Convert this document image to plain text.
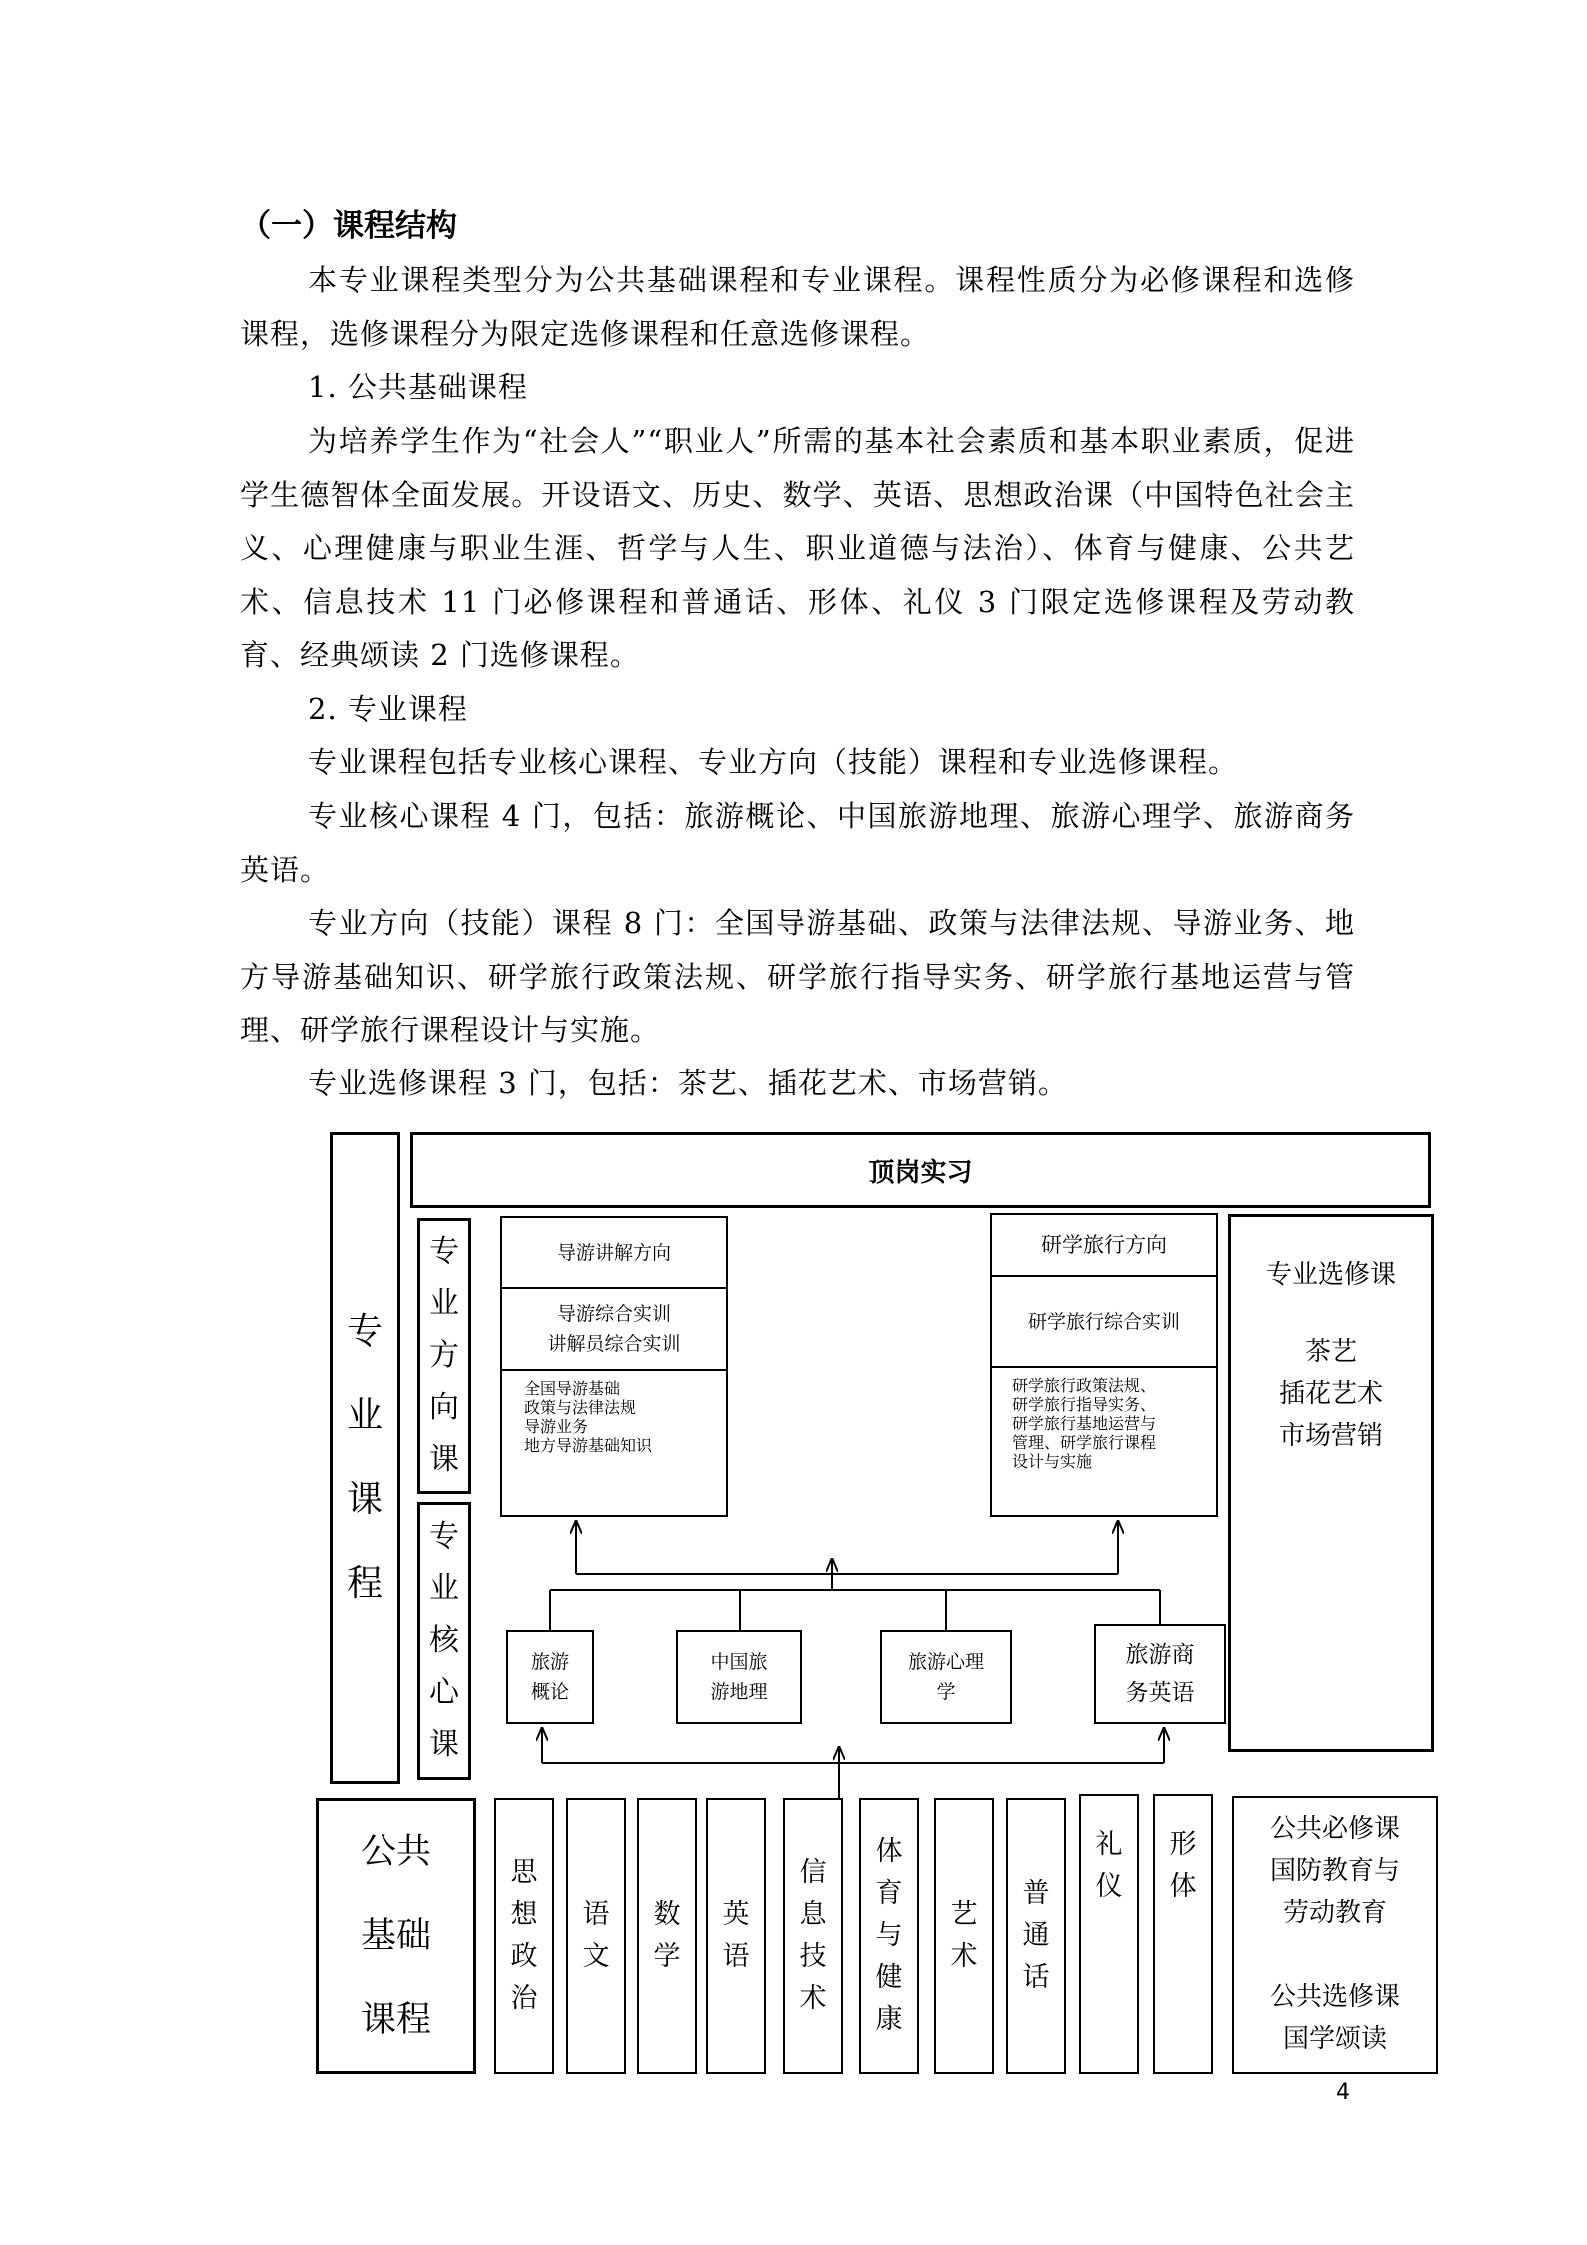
（一）课程结构

本专业课程类型分为公共基础课程和专业课程。课程性质分为必修课程和选修课程，选修课程分为限定选修课程和任意选修课程。

1. 公共基础课程

为培养学生作为“社会人”“职业人”所需的基本社会素质和基本职业素质，促进学生德智体全面发展。开设语文、历史、数学、英语、思想政治课（中国特色社会主义、心理健康与职业生涯、哲学与人生、职业道德与法治）、体育与健康、公共艺术、信息技术 11 门必修课程和普通话、形体、礼仪 3 门限定选修课程及劳动教育、经典颂读 2 门选修课程。

2. 专业课程

专业课程包括专业核心课程、专业方向（技能）课程和专业选修课程。

专业核心课程 4 门，包括：旅游概论、中国旅游地理、旅游心理学、旅游商务英语。

专业方向（技能）课程 8 门：全国导游基础、政策与法律法规、导游业务、地方导游基础知识、研学旅行政策法规、研学旅行指导实务、研学旅行基地运营与管理、研学旅行课程设计与实施。

专业选修课程 3 门，包括：茶艺、插花艺术、市场营销。

专
业
课
程
顶岗实习
专
业
方
向
课
专
业
核
心
课
导游讲解方向
导游综合实训
讲解员综合实训
全国导游基础
政策与法律法规
导游业务
地方导游基础知识
研学旅行方向
研学旅行综合实训
研学旅行政策法规、
研学旅行指导实务、
研学旅行基地运营与
管理、研学旅行课程
设计与实施
专业选修课
茶艺
插花艺术
市场营销
旅游
概论
中国旅
游地理
旅游心理
学
旅游商
务英语
公共
基础
课程
思
想
政
治
语
文
数
学
英
语
信
息
技
术
体
育
与
健
康
艺
术
普
通
话
礼
仪
形
体
公共必修课
国防教育与
劳动教育
公共选修课
国学颂读
4
